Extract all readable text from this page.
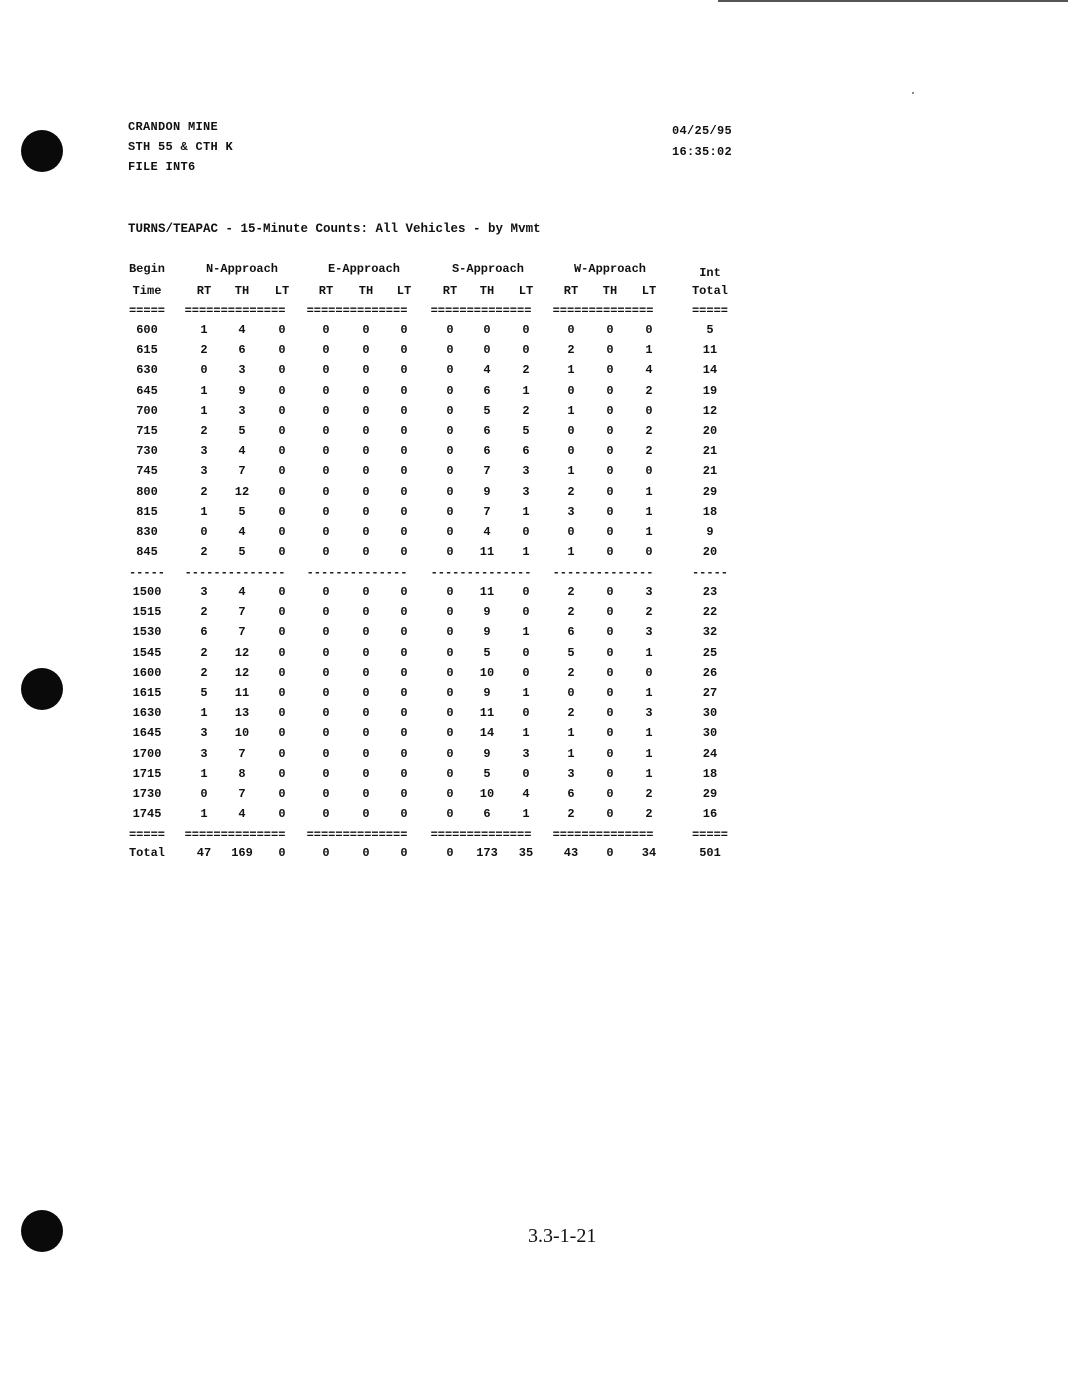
CRANDON MINE
STH 55 & CTH K
FILE INT6
04/25/95
16:35:02
TURNS/TEAPAC - 15-Minute Counts: All Vehicles - by Mvmt
Begin	N-Approach	E-Approach	S-Approach	W-Approach	Int
Time	RT	TH	LT	RT	TH	LT	RT	TH	LT	RT	TH	LT	Total
=====	==============	==============	==============	==============	=====
600	1	4	0	0	0	0	0	0	0	0	0	0	5
615	2	6	0	0	0	0	0	0	0	2	0	1	11
630	0	3	0	0	0	0	0	4	2	1	0	4	14
645	1	9	0	0	0	0	0	6	1	0	0	2	19
700	1	3	0	0	0	0	0	5	2	1	0	0	12
715	2	5	0	0	0	0	0	6	5	0	0	2	20
730	3	4	0	0	0	0	0	6	6	0	0	2	21
745	3	7	0	0	0	0	0	7	3	1	0	0	21
800	2	12	0	0	0	0	0	9	3	2	0	1	29
815	1	5	0	0	0	0	0	7	1	3	0	1	18
830	0	4	0	0	0	0	0	4	0	0	0	1	9
845	2	5	0	0	0	0	0	11	1	1	0	0	20
-----	--------------	--------------	--------------	--------------	-----
1500	3	4	0	0	0	0	0	11	0	2	0	3	23
1515	2	7	0	0	0	0	0	9	0	2	0	2	22
1530	6	7	0	0	0	0	0	9	1	6	0	3	32
1545	2	12	0	0	0	0	0	5	0	5	0	1	25
1600	2	12	0	0	0	0	0	10	0	2	0	0	26
1615	5	11	0	0	0	0	0	9	1	0	0	1	27
1630	1	13	0	0	0	0	0	11	0	2	0	3	30
1645	3	10	0	0	0	0	0	14	1	1	0	1	30
1700	3	7	0	0	0	0	0	9	3	1	0	1	24
1715	1	8	0	0	0	0	0	5	0	3	0	1	18
1730	0	7	0	0	0	0	0	10	4	6	0	2	29
1745	1	4	0	0	0	0	0	6	1	2	0	2	16
=====	==============	==============	==============	==============	=====
Total	47	169	0	0	0	0	0	173	35	43	0	34	501
3.3-1-21
